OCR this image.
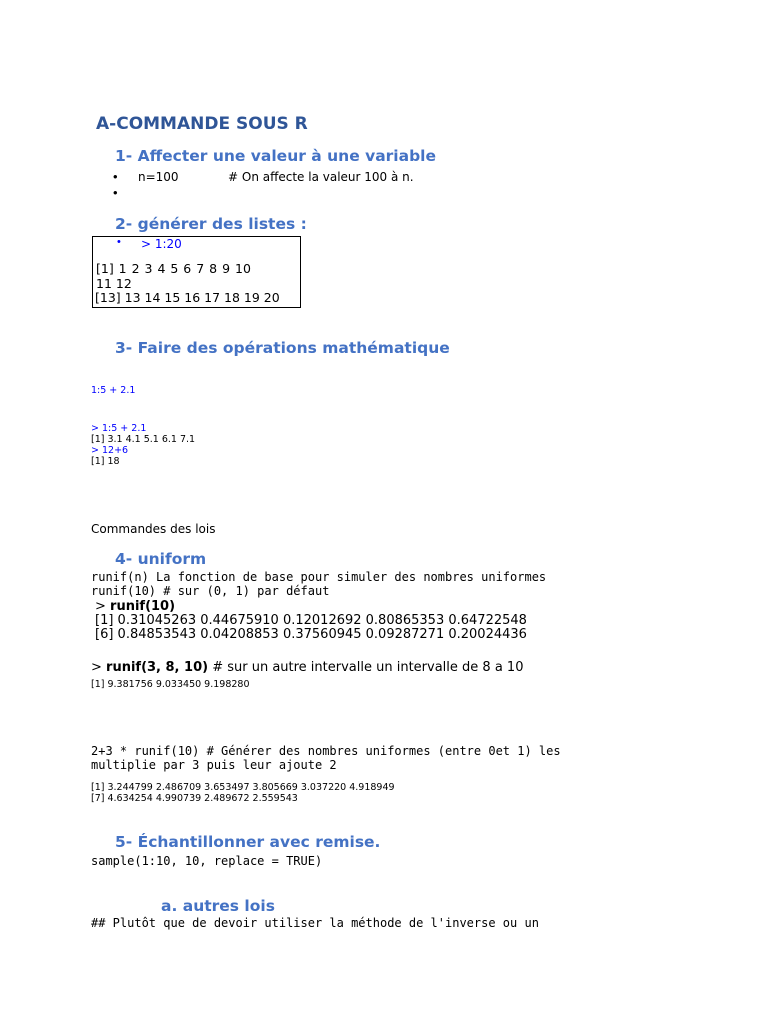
A-COMMANDE SOUS R
1- Affecter une valeur à une variable
• n=100	# On affecte la valeur 100 à n.
•
2- générer des listes :
• > 1:20
[1] 1 2 3 4 5 6 7 8 9 10
11 12
[13] 13 14 15 16 17 18 19 20
3- Faire des opérations mathématique
1:5 + 2.1
> 1:5 + 2.1
[1] 3.1 4.1 5.1 6.1 7.1
> 12+6
[1] 18
Commandes des lois
4- uniform
runif(n) La fonction de base pour simuler des nombres uniformes
runif(10) # sur (0, 1) par défaut
> runif(10)
[1] 0.31045263 0.44675910 0.12012692 0.80865353 0.64722548
[6] 0.84853543 0.04208853 0.37560945 0.09287271 0.20024436
> runif(3, 8, 10) # sur un autre intervalle un intervalle de 8 a 10
[1] 9.381756 9.033450 9.198280
2+3 * runif(10) # Générer des nombres uniformes (entre 0et 1) les
multiplie par 3 puis leur ajoute 2
[1] 3.244799 2.486709 3.653497 3.805669 3.037220 4.918949
[7] 4.634254 4.990739 2.489672 2.559543
5- Échantillonner avec remise.
sample(1:10, 10, replace = TRUE)
a. autres lois
## Plutôt que de devoir utiliser la méthode de l'inverse ou un
